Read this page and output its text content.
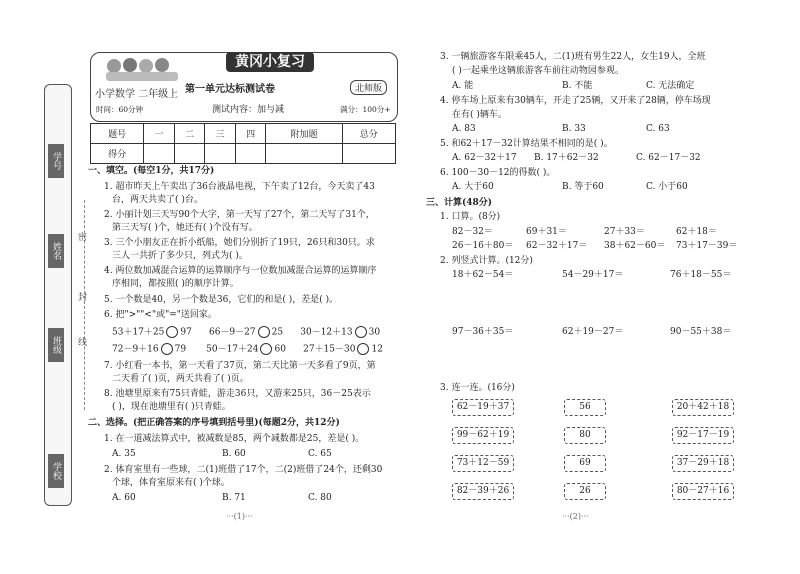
学号
姓名
班级
学校
密
封
线
黄冈小复习
小学数学 二年级上 第一单元达标测试卷	北师版
时间：60分钟	测试内容：加与减	满分：100分+
题号	一	二	三	四	附加题	总分
得分						
一、填空。(每空1分，共17分)
1. 超市昨天上午卖出了36台液晶电视，下午卖了12台，今天卖了43
台，两天共卖了( )台。
2. 小丽计划三天写90个大字，第一天写了27个，第二天写了31个，
第三天写( )个，她还有( )个没有写。
3. 三个小朋友正在折小纸船，她们分别折了19只，26只和30只。求
三人一共折了多少只，列式为( )。
4. 两位数加减混合运算的运算顺序与一位数加减混合运算的运算顺序
序相同，都按照( )的顺序计算。
5. 一个数是40，另一个数是36，它们的和是( )，差是( )。
6. 把">""<"或"="送回家。
53＋17＋25 97 66－9－27 25 30－12＋13 30
72－9＋16 79 50－17＋24 60 27＋15－30 12
7. 小红看一本书，第一天看了37页，第二天比第一天多看了9页，第
二天看了( )页，两天共看了( )页。
8. 池塘里原来有75只青蛙，游走36只，又游来25只，36－25表示
( )，现在池塘里有( )只青蛙。
二、选择。(把正确答案的序号填到括号里)(每题2分，共12分)
1. 在一道减法算式中，被减数是85，两个减数都是25，差是( )。
A. 35	B. 60	C. 65
2. 体育室里有一些球，二(1)班借了17个，二(2)班借了24个，还剩30
个球，体育室原来有( )个球。
A. 60	B. 71	C. 80
···(1)···
3. 一辆旅游客车限乘45人，二(1)班有男生22人，女生19人，全班
( )一起乘坐这辆旅游客车前往动物园参观。
A. 能	B. 不能	C. 无法确定
4. 停车场上原来有30辆车，开走了25辆，又开来了28辆，停车场现
在有( )辆车。
A. 83	B. 33	C. 63
5. 和62＋17－32计算结果不相同的是( )。
A. 62－32＋17 B. 17＋62－32	C. 62－17－32
6. 100－30－12的得数( )。
A. 大于60	B. 等于60	C. 小于60
三、计算(48分)
1. 口算。(8分)
82－32＝	69＋31＝	27＋33＝	62＋18＝
26－16＋80＝ 62－32＋17＝ 38＋62－60＝ 73＋17－39＝
2. 列竖式计算。(12分)
18＋62－54＝	54－29＋17＝	76＋18－55＝
97－36＋35＝	62＋19－27＝	90－55＋38＝
3. 连一连。(16分)
62－19＋37
99－62＋19
73＋12－59
82－39＋26
56
80
69
26
20＋42＋18
92－17－19
37－29＋18
80－27＋16
···(2)···
